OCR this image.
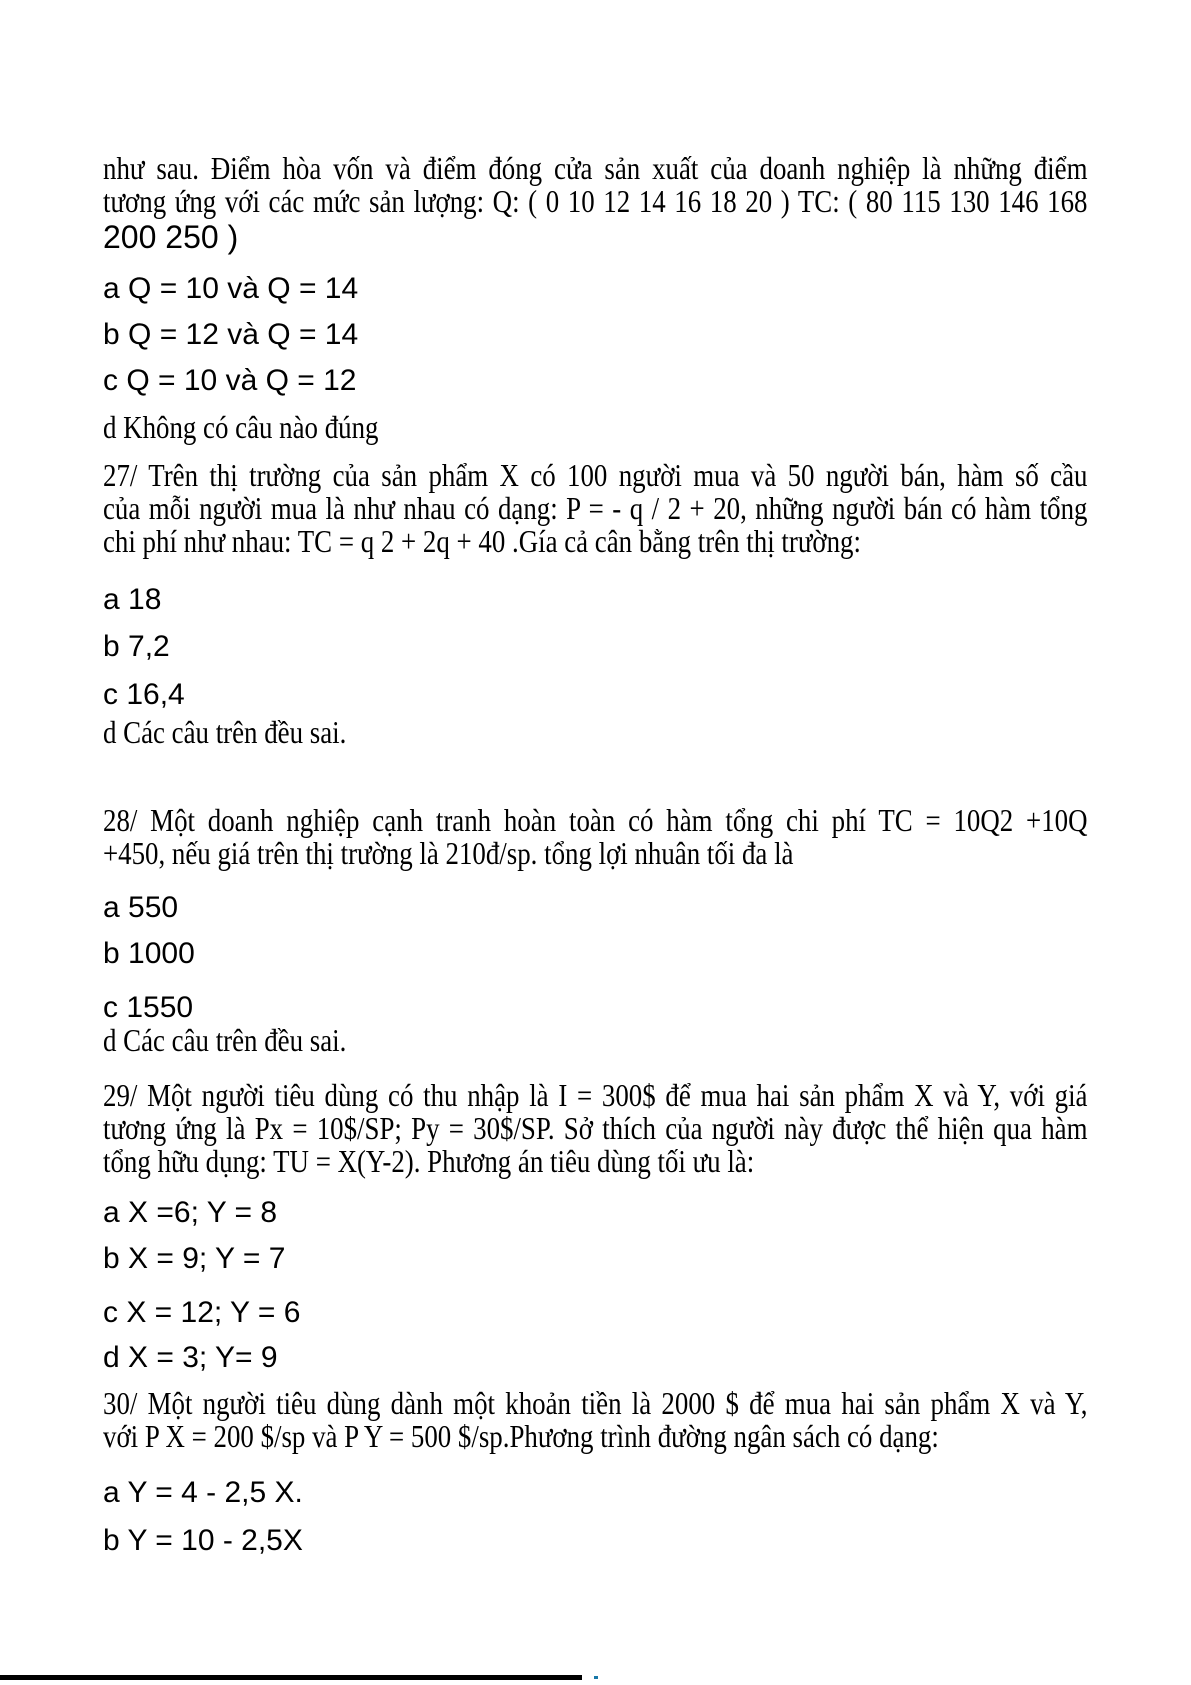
như sau. Điểm hòa vốn và điểm đóng cửa sản xuất của doanh nghiệp là những điểm
tương ứng với các mức sản lượng: Q: ( 0 10 12 14 16 18 20 ) TC: ( 80 115 130 146 168
200 250 )
a Q = 10 và Q = 14
b Q = 12 và Q = 14
c Q = 10 và Q = 12
d Không có câu nào đúng
27/ Trên thị trường của sản phẩm X có 100 người mua và 50 người bán, hàm số cầu
của mỗi người mua là như nhau có dạng: P = - q / 2 + 20, những người bán có hàm tổng
chi phí như nhau: TC = q 2 + 2q + 40 .Gía cả cân bằng trên thị trường:
a 18
b 7,2
c 16,4
d Các câu trên đều sai.
28/ Một doanh nghiệp cạnh tranh hoàn toàn có hàm tổng chi phí TC = 10Q2 +10Q
+450, nếu giá trên thị trường là 210đ/sp. tổng lợi nhuân tối đa là
a 550
b 1000
c 1550
d Các câu trên đều sai.
29/ Một người tiêu dùng có thu nhập là I = 300$ để mua hai sản phẩm X và Y, với giá
tương ứng là Px = 10$/SP; Py = 30$/SP. Sở thích của người này được thể hiện qua hàm
tổng hữu dụng: TU = X(Y-2). Phương án tiêu dùng tối ưu là:
a X =6; Y = 8
b X = 9; Y = 7
c X = 12; Y = 6
d X = 3; Y= 9
30/ Một người tiêu dùng dành một khoản tiền là 2000 $ để mua hai sản phẩm X và Y,
với P X = 200 $/sp và P Y = 500 $/sp.Phương trình đường ngân sách có dạng:
a Y = 4 - 2,5 X.
b Y = 10 - 2,5X
